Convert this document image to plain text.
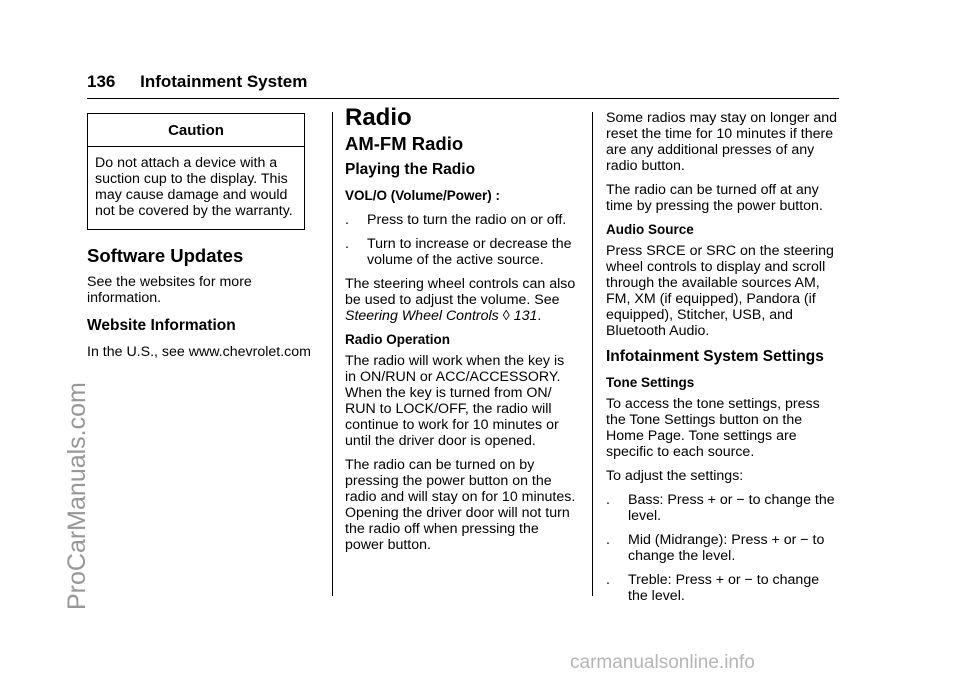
136 Infotainment System
Caution
Do not attach a device with a suction cup to the display. This may cause damage and would not be covered by the warranty.
Software Updates

See the websites for more information.

Website Information

In the U.S., see www.chevrolet.com

Radio
AM-FM Radio
Playing the Radio

VOL/O (Volume/Power) :

.	Press to turn the radio on or off.
.	Turn to increase or decrease the volume of the active source.

The steering wheel controls can also be used to adjust the volume. See Steering Wheel Controls ◊ 131.

Radio Operation

The radio will work when the key is in ON/RUN or ACC/ACCESSORY. When the key is turned from ON/ RUN to LOCK/OFF, the radio will continue to work for 10 minutes or until the driver door is opened.

The radio can be turned on by pressing the power button on the radio and will stay on for 10 minutes. Opening the driver door will not turn the radio off when pressing the power button.

Some radios may stay on longer and reset the time for 10 minutes if there are any additional presses of any radio button.

The radio can be turned off at any time by pressing the power button.

Audio Source

Press SRCE or SRC on the steering wheel controls to display and scroll through the available sources AM, FM, XM (if equipped), Pandora (if equipped), Stitcher, USB, and Bluetooth Audio.

Infotainment System Settings
Tone Settings

To access the tone settings, press the Tone Settings button on the Home Page. Tone settings are specific to each source.

To adjust the settings:

.	Bass: Press + or − to change the level.
.	Mid (Midrange): Press + or − to change the level.
.	Treble: Press + or − to change the level.
ProCarManuals.com
carmanualsonline.info
